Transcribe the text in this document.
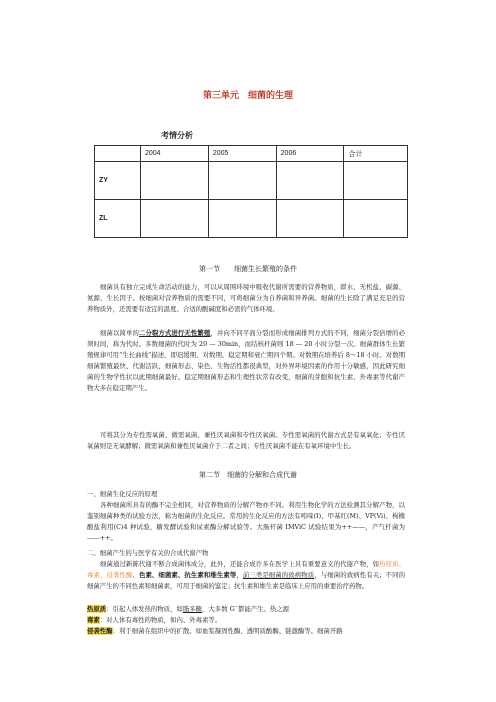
第三单元　细菌的生理
考情分析
	2004	2005	2006	合计
ZY				
ZL				
第一节　　细菌生长繁殖的条件
细菌具有独立完成生命活动的能力，可以从周围环境中吸收代谢所需要的营养物质，即水、无机盐、碳源、氮源、生长因子。按细菌对营养物质的需要不同，可将细菌分为自养菌和异养菌。细菌的生长除了满足充足的营养物质外，还需要有适宜的温度、合适的酸碱度和必需的气体环境。
细菌以简单的二分裂方式进行无性繁殖，并向不同平面分裂而形成细菌排列方式的不同，细菌分裂倍增的必须时间，称为代时。多数细菌的代时为 20 — 30min，而结核杆菌则 18 — 20 小时分裂一次。细菌群体生长繁殖规律可用“生长曲线”描述，即迟缓期、对数期、稳定期和衰亡期四个期。对数期在培养后 8～18 小时。对数期细菌繁殖最快、代谢活跃，细菌形态、染色、生物活性都很典型，对外界环境因素的作用十分敏感，因此研究细菌的生物学性状以此期细菌最好。稳定期细菌形态和生理性状常有改变，细菌的芽胞和抗生素、外毒素等代谢产物大多在稳定期产生。
可将其分为专性需氧菌、微需氧菌、兼性厌氧菌和专性厌氧菌。专性需氧菌的代谢方式是有氧氧化；专性厌氧菌则是无氧酵解；微需氧菌和兼性厌氧菌介于二者之间；专性厌氧菌不能在有氧环境中生长。
第二节　细菌的分解和合成代谢
一、细菌生化反应的原理
各种细菌所具有的酶不完全相同，对营养物质的分解产物亦不同。利用生物化学的方法检测其分解产物，以鉴别细菌种类的试验方法，称为细菌的生化反应。常用的生化反应的方法有吲哚(I)、甲基红(M)、VP(Vi)、枸橼酸盐利用(C)4 种试验，糖发酵试验和尿素酶分解试验等。大肠杆菌 IMViC 试验结果为++——，产气杆菌为——++。
二、细菌产生的与医学有关的合成代谢产物
细菌通过新陈代谢不断合成菌体成分，此外，还能合成许多在医学上具有重要意义的代谢产物，如热原质、毒素、侵袭性酶、色素、细菌素、抗生素和维生素等，前三类是细菌的致病物质，与细菌的致病性有关；不同的细菌产生的不同色素和细菌素，可用于细菌的鉴定；抗生素和维生素是临床上应用的重要治疗药物。
热原质：引起人体发热的物质，如脂多糖，大多数 G¯都能产生。热之源
毒素：对人体有毒性的物质，如内、外毒素等。
侵袭性酶：利于细菌在组织中的扩散。如血浆凝固性酶、透明质酸酶、链激酶等。细菌开路
